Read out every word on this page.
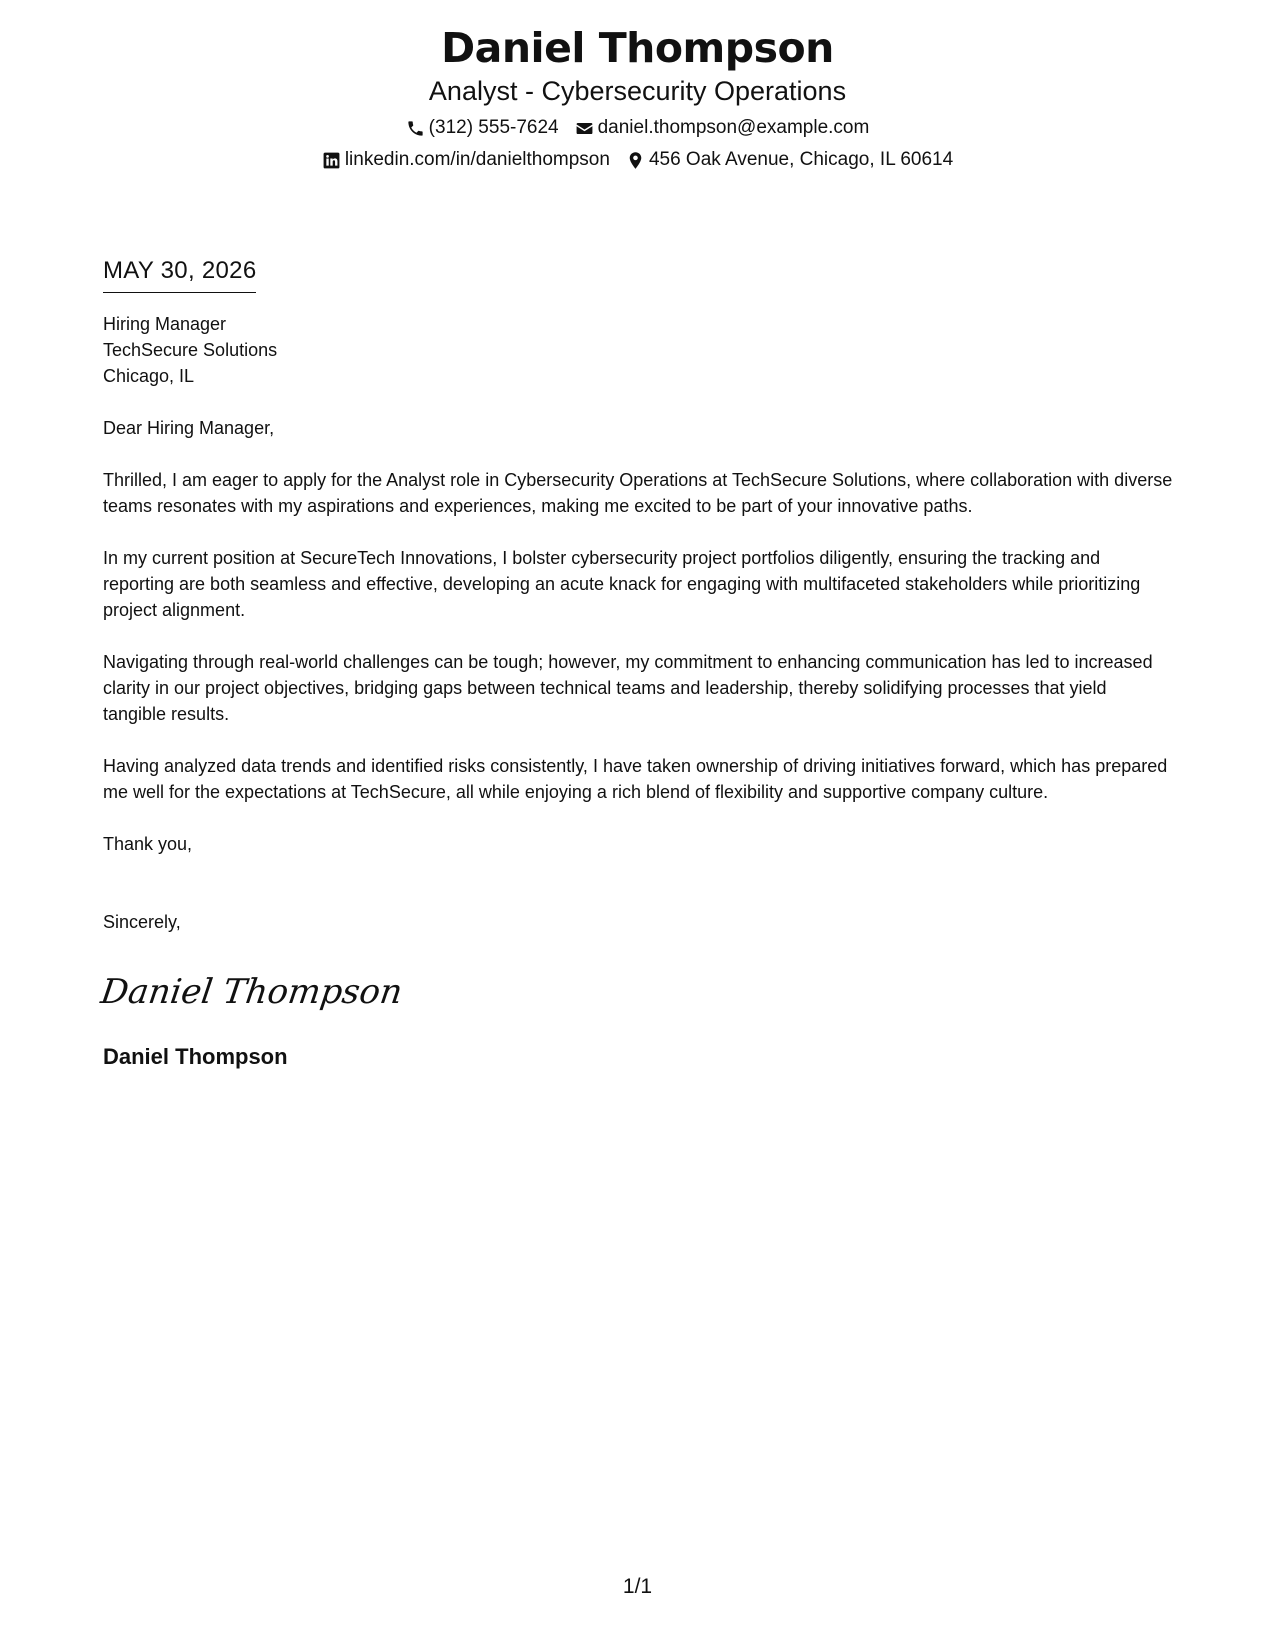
Daniel Thompson
Analyst - Cybersecurity Operations
(312) 555-7624 daniel.thompson@example.com
linkedin.com/in/danielthompson 456 Oak Avenue, Chicago, IL 60614
MAY 30, 2026
Hiring Manager
TechSecure Solutions
Chicago, IL

Dear Hiring Manager,

Thrilled, I am eager to apply for the Analyst role in Cybersecurity Operations at TechSecure Solutions, where collaboration with diverse teams resonates with my aspirations and experiences, making me excited to be part of your innovative paths.

In my current position at SecureTech Innovations, I bolster cybersecurity project portfolios diligently, ensuring the tracking and reporting are both seamless and effective, developing an acute knack for engaging with multifaceted stakeholders while prioritizing project alignment.

Navigating through real-world challenges can be tough; however, my commitment to enhancing communication has led to increased clarity in our project objectives, bridging gaps between technical teams and leadership, thereby solidifying processes that yield tangible results.

Having analyzed data trends and identified risks consistently, I have taken ownership of driving initiatives forward, which has prepared me well for the expectations at TechSecure, all while enjoying a rich blend of flexibility and supportive company culture.

Thank you,

Sincerely,

Daniel Thompson
Daniel Thompson
1/1
